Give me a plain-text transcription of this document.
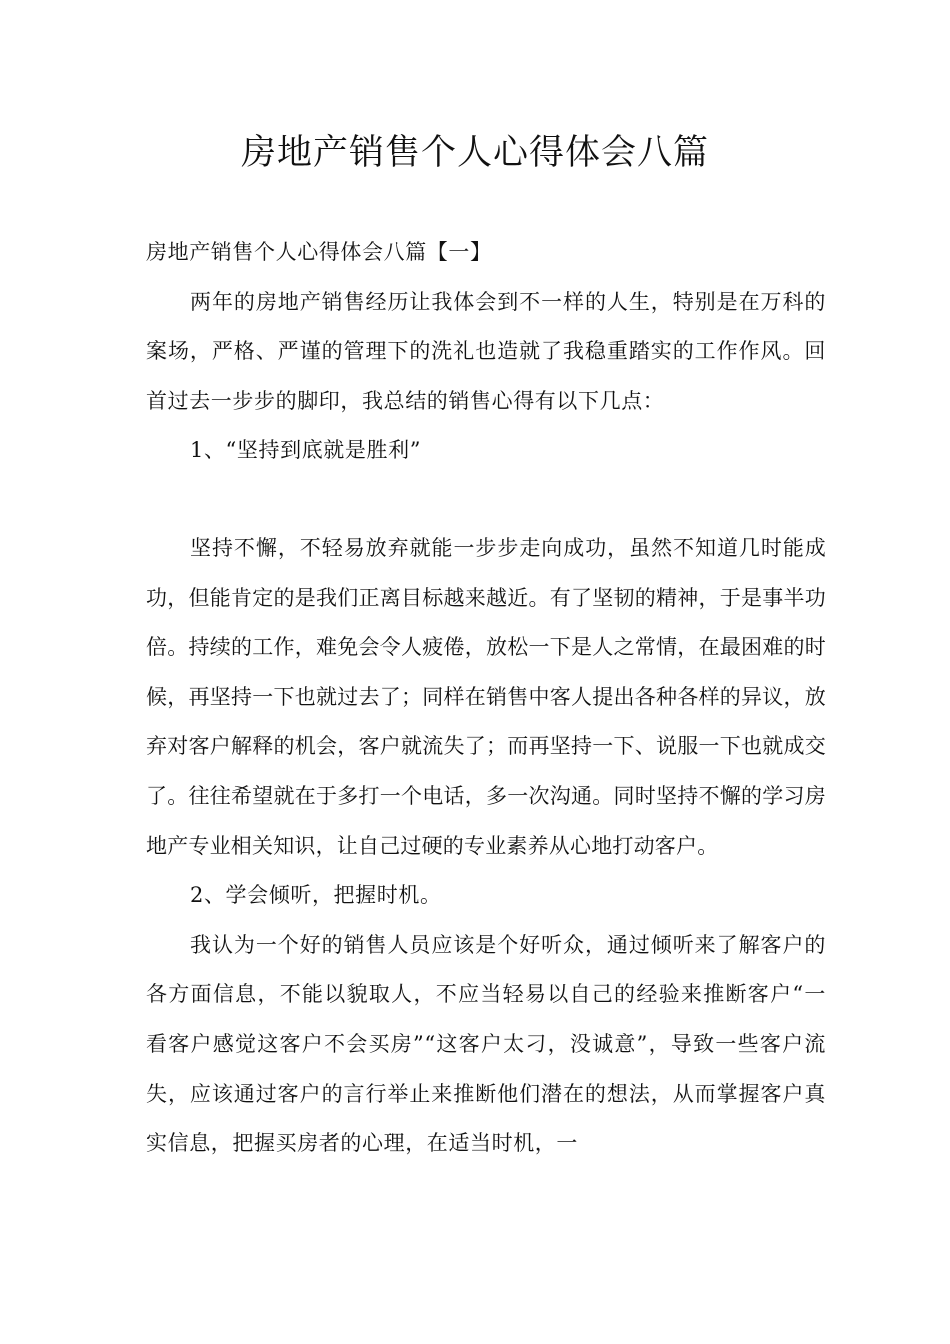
房地产销售个人心得体会八篇

房地产销售个人心得体会八篇【一】

两年的房地产销售经历让我体会到不一样的人生，特别是在万科的案场，严格、严谨的管理下的洗礼也造就了我稳重踏实的工作作风。回首过去一步步的脚印，我总结的销售心得有以下几点：

1、“坚持到底就是胜利”

坚持不懈，不轻易放弃就能一步步走向成功，虽然不知道几时能成功，但能肯定的是我们正离目标越来越近。有了坚韧的精神，于是事半功倍。持续的工作，难免会令人疲倦，放松一下是人之常情，在最困难的时候，再坚持一下也就过去了；同样在销售中客人提出各种各样的异议，放弃对客户解释的机会，客户就流失了；而再坚持一下、说服一下也就成交了。往往希望就在于多打一个电话，多一次沟通。同时坚持不懈的学习房地产专业相关知识，让自己过硬的专业素养从心地打动客户。

2、学会倾听，把握时机。

我认为一个好的销售人员应该是个好听众，通过倾听来了解客户的各方面信息，不能以貌取人，不应当轻易以自己的经验来推断客户“一看客户感觉这客户不会买房”“这客户太刁，没诚意”，导致一些客户流失，应该通过客户的言行举止来推断他们潜在的想法，从而掌握客户真实信息，把握买房者的心理，在适当时机，一
